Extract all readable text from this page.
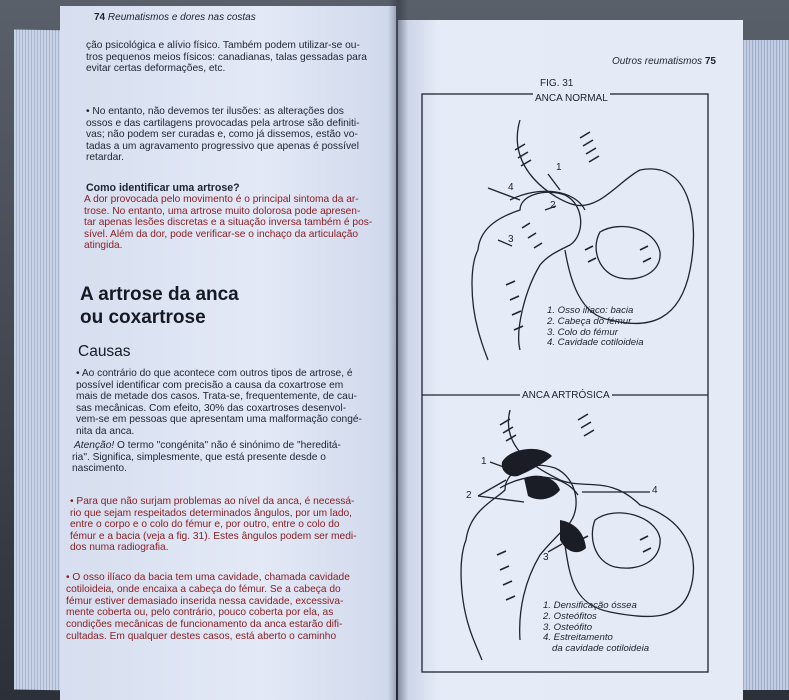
74 Reumatismos e dores nas costas
ção psicológica e alívio físico. Também podem utilizar-se ou-
tros pequenos meios físicos: canadianas, talas gessadas para
evitar certas deformações, etc.
• No entanto, não devemos ter ilusões: as alterações dos
ossos e das cartilagens provocadas pela artrose são definiti-
vas; não podem ser curadas e, como já dissemos, estão vo-
tadas a um agravamento progressivo que apenas é possível
retardar.
Como identificar uma artrose?
A dor provocada pelo movimento é o principal sintoma da ar-
trose. No entanto, uma artrose muito dolorosa pode apresen-
tar apenas lesões discretas e a situação inversa também é pos-
sível. Além da dor, pode verificar-se o inchaço da articulação
atingida.
A artrose da anca
ou coxartrose
Causas
• Ao contrário do que acontece com outros tipos de artrose, é
possível identificar com precisão a causa da coxartrose em
mais de metade dos casos. Trata-se, frequentemente, de cau-
sas mecânicas. Com efeito, 30% das coxartroses desenvol-
vem-se em pessoas que apresentam uma malformação congé-
nita da anca.
Atenção! O termo "congénita" não é sinónimo de "hereditá-
ria". Significa, simplesmente, que está presente desde o
nascimento.
• Para que não surjam problemas ao nível da anca, é necessá-
rio que sejam respeitados determinados ângulos, por um lado,
entre o corpo e o colo do fémur e, por outro, entre o colo do
fémur e a bacia (veja a fig. 31). Estes ângulos podem ser medi-
dos numa radiografia.
• O osso ilíaco da bacia tem uma cavidade, chamada cavidade
cotiloideia, onde encaixa a cabeça do fémur. Se a cabeça do
fémur estiver demasiado inserida nessa cavidade, excessiva-
mente coberta ou, pelo contrário, pouco coberta por ela, as
condições mecânicas de funcionamento da anca estarão difi-
cultadas. Em qualquer destes casos, está aberto o caminho
Outros reumatismos 75
FIG. 31
ANCA NORMAL
ANCA ARTRÓSICA
1
2
3
4
1
2
3
4
1. Osso ilíaco: bacia
2. Cabeça do fémur
3. Colo do fémur
4. Cavidade cotiloideia
1. Densificação óssea
2. Osteófitos
3. Osteófito
4. Estreitamento
da cavidade cotiloideia
